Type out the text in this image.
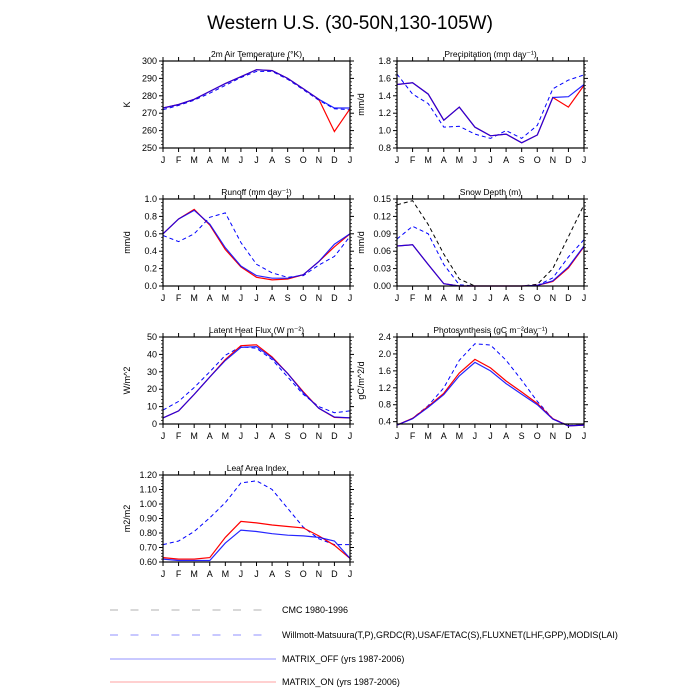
Western U.S. (30-50N,130-105W)
2m Air Temperature (°K)
K
J F M A M J J A S O N D J
250
260
270
280
290
300
Precipitation (mm day⁻¹)
mm/d
J F M A M J J A S O N D J
0.8
1.0
1.2
1.4
1.6
1.8
Runoff (mm day⁻¹)
mm/d
J F M A M J J A S O N D J
0.0
0.2
0.4
0.6
0.8
1.0
Snow Depth (m)
mm/d
J F M A M J J A S O N D J
0.00
0.03
0.06
0.09
0.12
0.15
Latent Heat Flux (W m⁻²)
W/m^2
J F M A M J J A S O N D J
0
10
20
30
40
50
Photosynthesis (gC m⁻²day⁻¹)
gC/m^2/d
J F M A M J J A S O N D J
0.4
0.8
1.2
1.6
2.0
2.4
Leaf Area Index
m2/m2
J F M A M J J A S O N D J
0.60
0.70
0.80
0.90
1.00
1.10
1.20
CMC 1980-1996
Willmott-Matsuura(T,P),GRDC(R),USAF/ETAC(S),FLUXNET(LHF,GPP),MODIS(LAI)
MATRIX_OFF (yrs 1987-2006)
MATRIX_ON (yrs 1987-2006)
